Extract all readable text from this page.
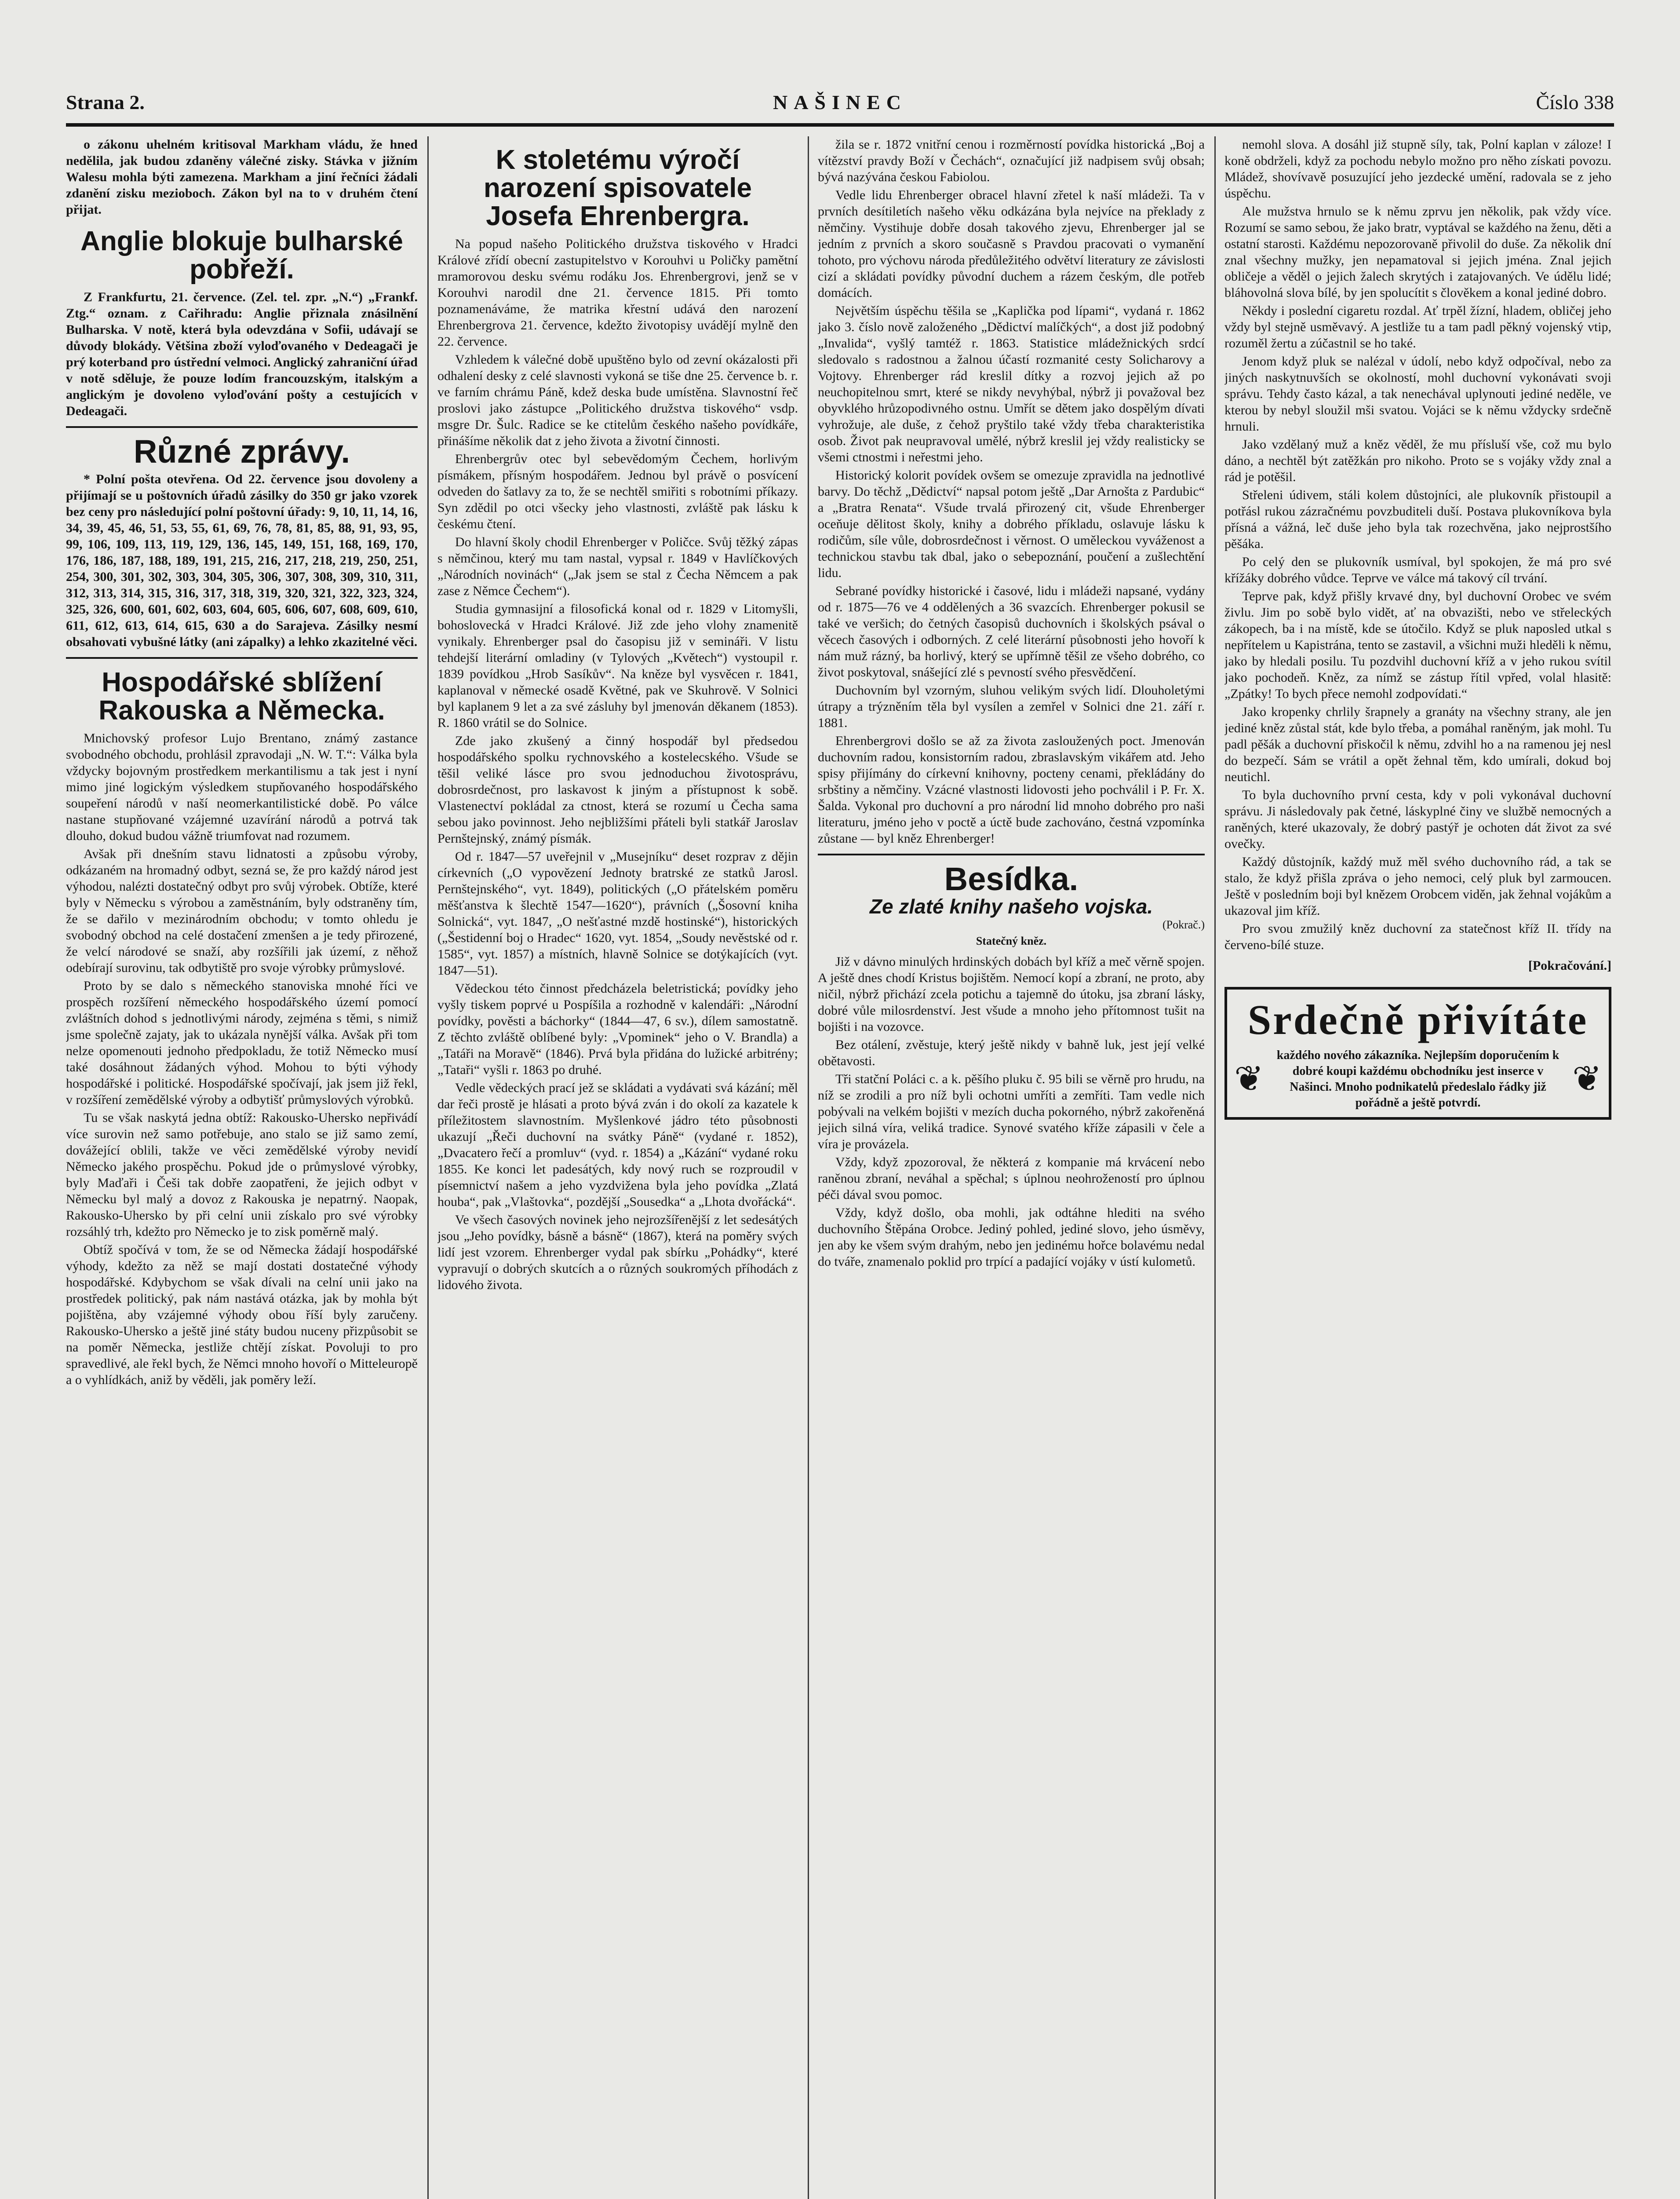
Strana 2.	NAŠINEC	Číslo 338

o zákonu uhelném kritisoval Markham vládu, že hned nedělila, jak budou zdaněny válečné zisky. Stávka v jižním Walesu mohla býti zamezena. Markham a jiní řečníci žádali zdanění zisku mezioboch. Zákon byl na to v druhém čtení přijat.

Anglie blokuje bulharské pobřeží.

Z Frankfurtu, 21. července. (Zel. tel. zpr. „N.“) „Frankf. Ztg.“ oznam. z Cařihradu: Anglie přiznala znásilnění Bulharska. V notě, která byla odevzdána v Sofii, udávají se důvody blokády. Většina zboží vyloďovaného v Dedeagači je prý koterband pro ústřední velmoci. Anglický zahraniční úřad v notě sděluje, že pouze lodím francouzským, italským a anglickým je dovoleno vyloďování pošty a cestujících v Dedeagači.

Různé zprávy.

* Polní pošta otevřena. Od 22. července jsou dovoleny a přijímají se u poštovních úřadů zásilky do 350 gr jako vzorek bez ceny pro následující polní poštovní úřady: 9, 10, 11, 14, 16, 34, 39, 45, 46, 51, 53, 55, 61, 69, 76, 78, 81, 85, 88, 91, 93, 95, 99, 106, 109, 113, 119, 129, 136, 145, 149, 151, 168, 169, 170, 176, 186, 187, 188, 189, 191, 215, 216, 217, 218, 219, 250, 251, 254, 300, 301, 302, 303, 304, 305, 306, 307, 308, 309, 310, 311, 312, 313, 314, 315, 316, 317, 318, 319, 320, 321, 322, 323, 324, 325, 326, 600, 601, 602, 603, 604, 605, 606, 607, 608, 609, 610, 611, 612, 613, 614, 615, 630 a do Sarajeva. Zásilky nesmí obsahovati vybušné látky (ani zápalky) a lehko zkazitelné věci.

Hospodářské sblížení Rakouska a Německa.

Mnichovský profesor Lujo Brentano, známý zastance svobodného obchodu, prohlásil zpravodaji „N. W. T.“: Válka byla vždycky bojovným prostředkem merkantilismu a tak jest i nyní mimo jiné logickým výsledkem stupňovaného hospodářského soupeření národů v naší neomerkantilistické době. Po válce nastane stupňované vzájemné uzavírání národů a potrvá tak dlouho, dokud budou vážně triumfovat nad rozumem.

Avšak při dnešním stavu lidnatosti a způsobu výroby, odkázaném na hromadný odbyt, sezná se, že pro každý národ jest výhodou, nalézti dostatečný odbyt pro svůj výrobek. Obtíže, které byly v Německu s výrobou a zaměstnáním, byly odstraněny tím, že se dařilo v mezinárodním obchodu; v tomto ohledu je svobodný obchod na celé dostačení zmenšen a je tedy přirozené, že velcí národové se snaží, aby rozšířili jak území, z něhož odebírají surovinu, tak odbytiště pro svoje výrobky průmyslové.

Proto by se dalo s německého stanoviska mnohé říci ve prospěch rozšíření německého hospodářského území pomocí zvláštních dohod s jednotlivými národy, zejména s těmi, s nimiž jsme společně zajaty, jak to ukázala nynější válka. Avšak při tom nelze opomenouti jednoho předpokladu, že totiž Německo musí také dosáhnout žádaných výhod. Mohou to býti výhody hospodářské i politické. Hospodářské spočívají, jak jsem již řekl, v rozšíření zemědělské výroby a odbytišť průmyslových výrobků.

Tu se však naskytá jedna obtíž: Rakousko-Uhersko nepřivádí více surovin než samo potřebuje, ano stalo se již samo zemí, dovážející oblili, takže ve věci zemědělské výroby nevidí Německo jakého prospěchu. Pokud jde o průmyslové výrobky, byly Maďaři i Češi tak dobře zaopatřeni, že jejich odbyt v Německu byl malý a dovoz z Rakouska je nepatrný. Naopak, Rakousko-Uhersko by při celní unii získalo pro své výrobky rozsáhlý trh, kdežto pro Německo je to zisk poměrně malý.

Obtíž spočívá v tom, že se od Německa žádají hospodářské výhody, kdežto za něž se mají dostati dostatečné výhody hospodářské. Kdybychom se však dívali na celní unii jako na prostředek politický, pak nám nastává otázka, jak by mohla být pojištěna, aby vzájemné výhody obou říší byly zaručeny. Rakousko-Uhersko a ještě jiné státy budou nuceny přizpůsobit se na poměr Německa, jestliže chtějí získat. Povoluji to pro spravedlivé, ale řekl bych, že Němci mnoho hovoří o Mitteleuropě a o vyhlídkách, aniž by věděli, jak poměry leží.

K stoletému výročí narození spisovatele Josefa Ehrenbergra.

Na popud našeho Politického družstva tiskového v Hradci Králové zřídí obecní zastupitelstvo v Korouhvi u Poličky pamětní mramorovou desku svému rodáku Jos. Ehrenbergrovi, jenž se v Korouhvi narodil dne 21. července 1815. Při tomto poznamenáváme, že matrika křestní udává den narození Ehrenbergrova 21. července, kdežto životopisy uvádějí mylně den 22. července.

Vzhledem k válečné době upuštěno bylo od zevní okázalosti při odhalení desky z celé slavnosti vykoná se tiše dne 25. července b. r. ve farním chrámu Páně, kdež deska bude umístěna. Slavnostní řeč proslovi jako zástupce „Politického družstva tiskového“ vsdp. msgre Dr. Šulc. Radice se ke ctitelům českého našeho povídkáře, přinášíme několik dat z jeho života a životní činnosti.

Ehrenbergrův otec byl sebevědomým Čechem, horlivým písmákem, přísným hospodářem. Jednou byl právě o posvícení odveden do šatlavy za to, že se nechtěl smiřiti s robotními příkazy. Syn zdědil po otci všecky jeho vlastnosti, zvláště pak lásku k českému čtení.

Do hlavní školy chodil Ehrenberger v Poličce. Svůj těžký zápas s němčinou, který mu tam nastal, vypsal r. 1849 v Havlíčkových „Národních novinách“ („Jak jsem se stal z Čecha Němcem a pak zase z Němce Čechem“).

Studia gymnasijní a filosofická konal od r. 1829 v Litomyšli, bohoslovecká v Hradci Králové. Již zde jeho vlohy znamenitě vynikaly. Ehrenberger psal do časopisu již v semináři. V listu tehdejší literární omladiny (v Tylových „Květech“) vystoupil r. 1839 povídkou „Hrob Sasíkův“. Na kněze byl vysvěcen r. 1841, kaplanoval v německé osadě Květné, pak ve Skuhrově. V Solnici byl kaplanem 9 let a za své zásluhy byl jmenován děkanem (1853). R. 1860 vrátil se do Solnice.

Zde jako zkušený a činný hospodář byl předsedou hospodářského spolku rychnovského a kostelecského. Všude se těšil veliké lásce pro svou jednoduchou životosprávu, dobrosrdečnost, pro laskavost k jiným a přístupnost k sobě. Vlastenectví pokládal za ctnost, která se rozumí u Čecha sama sebou jako povinnost. Jeho nejbližšími přáteli byli statkář Jaroslav Pernštejnský, známý písmák.

Od r. 1847—57 uveřejnil v „Musejníku“ deset rozprav z dějin církevních („O vypovězení Jednoty bratrské ze statků Jarosl. Pernštejnského“, vyt. 1849), politických („O přátelském poměru měšťanstva k šlechtě 1547—1620“), právních („Šosovní kniha Solnická“, vyt. 1847, „O nešťastné mzdě hostinské“), historických („Šestidenní boj o Hradec“ 1620, vyt. 1854, „Soudy nevěstské od r. 1585“, vyt. 1857) a místních, hlavně Solnice se dotýkajících (vyt. 1847—51).

Vědeckou této činnost předcházela beletristická; povídky jeho vyšly tiskem poprvé u Pospíšila a rozhodně v kalendáři: „Národní povídky, pověsti a báchorky“ (1844—47, 6 sv.), dílem samostatně. Z těchto zvláště oblíbené byly: „Vpominek“ jeho o V. Brandla) a „Tatáři na Moravě“ (1846). Prvá byla přidána do lužické arbitrény; „Tataři“ vyšli r. 1863 po druhé.

Vedle vědeckých prací jež se skládati a vydávati svá kázání; měl dar řeči prostě je hlásati a proto bývá zván i do okolí za kazatele k příležitostem slavnostním. Myšlenkové jádro této působnosti ukazují „Řeči duchovní na svátky Páně“ (vydané r. 1852), „Dvacatero řečí a promluv“ (vyd. r. 1854) a „Kázání“ vydané roku 1855. Ke konci let padesátých, kdy nový ruch se rozproudil v písemnictví našem a jeho vyzdvižena byla jeho povídka „Zlatá houba“, pak „Vlaštovka“, pozdější „Sousedka“ a „Lhota dvořácká“.

Ve všech časových novinek jeho nejrozšířenější z let sedesátých jsou „Jeho povídky, básně a básně“ (1867), která na poměry svých lidí jest vzorem. Ehrenberger vydal pak sbírku „Pohádky“, které vypravují o dobrých skutcích a o různých soukromých příhodách z lidového života.

žila se r. 1872 vnitřní cenou i rozměrností povídka historická „Boj a vítězství pravdy Boží v Čechách“, označující již nadpisem svůj obsah; bývá nazývána českou Fabiolou.

Vedle lidu Ehrenberger obracel hlavní zřetel k naší mládeži. Ta v prvních desítiletích našeho věku odkázána byla nejvíce na překlady z němčiny. Vystihuje dobře dosah takového zjevu, Ehrenberger jal se jedním z prvních a skoro současně s Pravdou pracovati o vymanění tohoto, pro výchovu národa předůležitého odvětví literatury ze závislosti cizí a skládati povídky původní duchem a rázem českým, dle potřeb domácích.

Největším úspěchu těšila se „Kaplička pod lípami“, vydaná r. 1862 jako 3. číslo nově založeného „Dědictví malíčkých“, a dost již podobný „Invalida“, vyšlý tamtéž r. 1863. Statistice mládežnických srdcí sledovalo s radostnou a žalnou účastí rozmanité cesty Solicharovy a Vojtovy. Ehrenberger rád kreslil dítky a rozvoj jejich až po neuchopitelnou smrt, které se nikdy nevyhýbal, nýbrž ji považoval bez obyvklého hrůzopodivného ostnu. Umřít se dětem jako dospělým dívati vyhrožuje, ale duše, z čehož pryštilo také vždy třeba charakteristika osob. Život pak neupravoval umělé, nýbrž kreslil jej vždy realisticky se všemi ctnostmi i neřestmi jeho.

Historický kolorit povídek ovšem se omezuje zpravidla na jednotlivé barvy. Do těchž „Dědictví“ napsal potom ještě „Dar Arnošta z Pardubic“ a „Bratra Renata“. Všude trvalá přirozený cit, všude Ehrenberger oceňuje dělitost školy, knihy a dobrého příkladu, oslavuje lásku k rodičům, síle vůle, dobrosrdečnost i věrnost. O uměleckou vyváženost a technickou stavbu tak dbal, jako o sebepoznání, poučení a zušlechtění lidu.

Sebrané povídky historické i časové, lidu i mládeži napsané, vydány od r. 1875—76 ve 4 oddělených a 36 svazcích. Ehrenberger pokusil se také ve veršich; do četných časopisů duchovních i školských psával o věcech časových i odborných. Z celé literární působnosti jeho hovoří k nám muž rázný, ba horlivý, který se upřímně těšil ze všeho dobrého, co život poskytoval, snášející zlé s pevností svého přesvědčení.

Duchovním byl vzorným, sluhou velikým svých lidí. Dlouholetými útrapy a trýzněním těla byl vysílen a zemřel v Solnici dne 21. září r. 1881.

Ehrenbergrovi došlo se až za života zasloužených poct. Jmenován duchovním radou, konsistorním radou, zbraslavským vikářem atd. Jeho spisy přijímány do církevní knihovny, pocteny cenami, překládány do srbštiny a němčiny. Vzácné vlastnosti lidovosti jeho pochválil i P. Fr. X. Šalda. Vykonal pro duchovní a pro národní lid mnoho dobrého pro naši literaturu, jméno jeho v poctě a úctě bude zachováno, čestná vzpomínka zůstane — byl kněz Ehrenberger!

Besídka.
Ze zlaté knihy našeho vojska.
(Pokrač.)
Statečný kněz.

Již v dávno minulých hrdinských dobách byl kříž a meč věrně spojen. A ještě dnes chodí Kristus bojištěm. Nemocí kopí a zbraní, ne proto, aby ničil, nýbrž přichází zcela potichu a tajemně do útoku, jsa zbraní lásky, dobré vůle milosrdenství. Jest všude a mnoho jeho přítomnost tušit na bojišti i na vozovce.

Bez otálení, zvěstuje, který ještě nikdy v bahně luk, jest její velké obětavosti.

Tři statční Poláci c. a k. pěšího pluku č. 95 bili se věrně pro hrudu, na níž se zrodili a pro níž byli ochotni umříti a zemříti. Tam vedle nich pobývali na velkém bojišti v mezích ducha pokorného, nýbrž zakořeněná jejich silná víra, veliká tradice. Synové svatého kříže zápasili v čele a víra je provázela.

Vždy, když zpozoroval, že některá z kompanie má krvácení nebo raněnou zbraní, neváhal a spěchal; s úplnou neohrožeností pro úplnou péči dával svou pomoc.

Vždy, když došlo, oba mohli, jak odtáhne hlediti na svého duchovního Štěpána Orobce. Jediný pohled, jediné slovo, jeho úsměvy, jen aby ke všem svým drahým, nebo jen jedinému hořce bolavému nedal do tváře, znamenalo poklid pro trpící a padající vojáky v ústí kulometů.

nemohl slova. A dosáhl již stupně síly, tak, Polní kaplan v záloze! I koně obdrželi, když za pochodu nebylo možno pro něho získati povozu. Mládež, shovívavě posuzující jeho jezdecké umění, radovala se z jeho úspěchu.

Ale mužstva hrnulo se k němu zprvu jen několik, pak vždy více. Rozumí se samo sebou, že jako bratr, vyptával se každého na ženu, děti a ostatní starosti. Každému nepozorovaně přivolil do duše. Za několik dní znal všechny mužky, jen nepamatoval si jejich jména. Znal jejich obličeje a věděl o jejich žalech skrytých i zatajovaných. Ve údělu lidé; bláhovolná slova bílé, by jen spolucítit s člověkem a konal jediné dobro.

Někdy i poslední cigaretu rozdal. Ať trpěl žízní, hladem, obličej jeho vždy byl stejně usměvavý. A jestliže tu a tam padl pěkný vojenský vtip, rozuměl žertu a zúčastnil se ho také.

Jenom když pluk se nalézal v údolí, nebo když odpočíval, nebo za jiných naskytnuvších se okolností, mohl duchovní vykonávati svoji správu. Tehdy často kázal, a tak nenechával uplynouti jediné neděle, ve kterou by nebyl sloužil mši svatou. Vojáci se k němu vždycky srdečně hrnuli.

Jako vzdělaný muž a kněz věděl, že mu přísluší vše, což mu bylo dáno, a nechtěl být zatěžkán pro nikoho. Proto se s vojáky vždy znal a rád je potěšil.

Střeleni údivem, stáli kolem důstojníci, ale plukovník přistoupil a potřásl rukou zázračnému povzbuditeli duší. Postava plukovníkova byla přísná a vážná, leč duše jeho byla tak rozechvěna, jako nejprostšího pěšáka.

Po celý den se plukovník usmíval, byl spokojen, že má pro své křížáky dobrého vůdce. Teprve ve válce má takový cíl trvání.

Teprve pak, když přišly krvavé dny, byl duchovní Orobec ve svém živlu. Jim po sobě bylo vidět, ať na obvazišti, nebo ve střeleckých zákopech, ba i na místě, kde se útočilo. Když se pluk naposled utkal s nepřítelem u Kapistrána, tento se zastavil, a všichni muži hleděli k němu, jako by hledali posilu. Tu pozdvihl duchovní kříž a v jeho rukou svítil jako pochodeň. Kněz, za nímž se zástup řítil vpřed, volal hlasitě: „Zpátky! To bych přece nemohl zodpovídati.“

Jako kropenky chrlily šrapnely a granáty na všechny strany, ale jen jediné kněz zůstal stát, kde bylo třeba, a pomáhal raněným, jak mohl. Tu padl pěšák a duchovní přiskočil k němu, zdvihl ho a na ramenou jej nesl do bezpečí. Sám se vrátil a opět žehnal těm, kdo umírali, dokud boj neutichl.

To byla duchovního první cesta, kdy v poli vykonával duchovní správu. Ji následovaly pak četné, láskyplné činy ve službě nemocných a raněných, které ukazovaly, že dobrý pastýř je ochoten dát život za své ovečky.

Každý důstojník, každý muž měl svého duchovního rád, a tak se stalo, že když přišla zpráva o jeho nemoci, celý pluk byl zarmoucen. Ještě v posledním boji byl knězem Orobcem viděn, jak žehnal vojákům a ukazoval jim kříž.

Pro svou zmužilý kněz duchovní za statečnost kříž II. třídy na červeno-bílé stuze.

[Pokračování.]
Srdečně přivítáte
❦
každého nového zákazníka. Nejlepším doporučením k dobré koupi každému obchodníku jest inserce v Našinci. Mnoho podnikatelů předeslalo řádky již pořádně a ještě potvrdí.
❦
